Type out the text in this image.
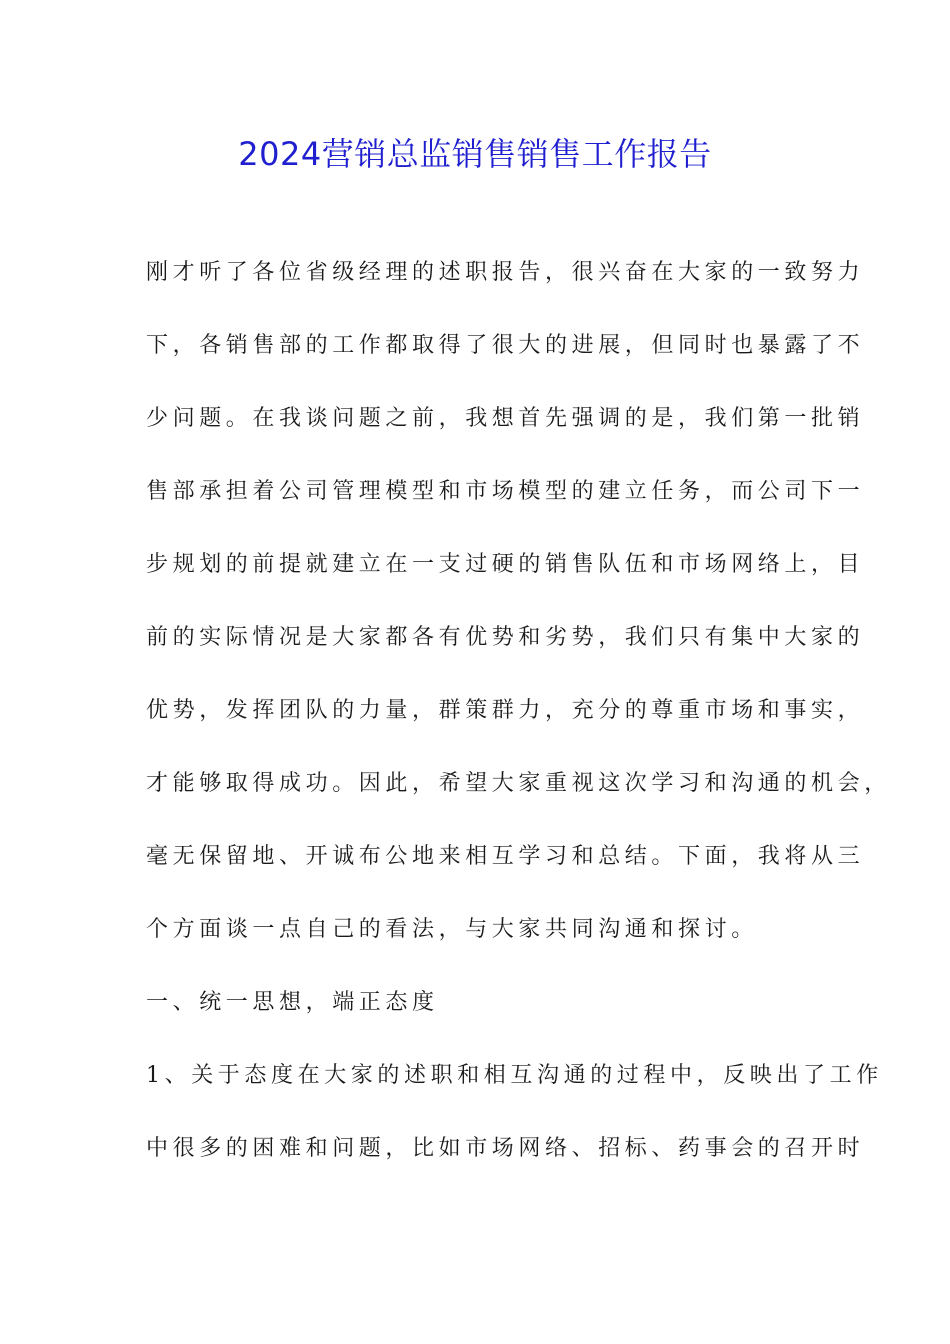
2024营销总监销售销售工作报告

刚才听了各位省级经理的述职报告，很兴奋在大家的一致努力

下，各销售部的工作都取得了很大的进展，但同时也暴露了不

少问题。在我谈问题之前，我想首先强调的是，我们第一批销

售部承担着公司管理模型和市场模型的建立任务，而公司下一

步规划的前提就建立在一支过硬的销售队伍和市场网络上，目

前的实际情况是大家都各有优势和劣势，我们只有集中大家的

优势，发挥团队的力量，群策群力，充分的尊重市场和事实，

才能够取得成功。因此，希望大家重视这次学习和沟通的机会，

毫无保留地、开诚布公地来相互学习和总结。下面，我将从三

个方面谈一点自己的看法，与大家共同沟通和探讨。

一、统一思想，端正态度

1、关于态度在大家的述职和相互沟通的过程中，反映出了工作

中很多的困难和问题，比如市场网络、招标、药事会的召开时
